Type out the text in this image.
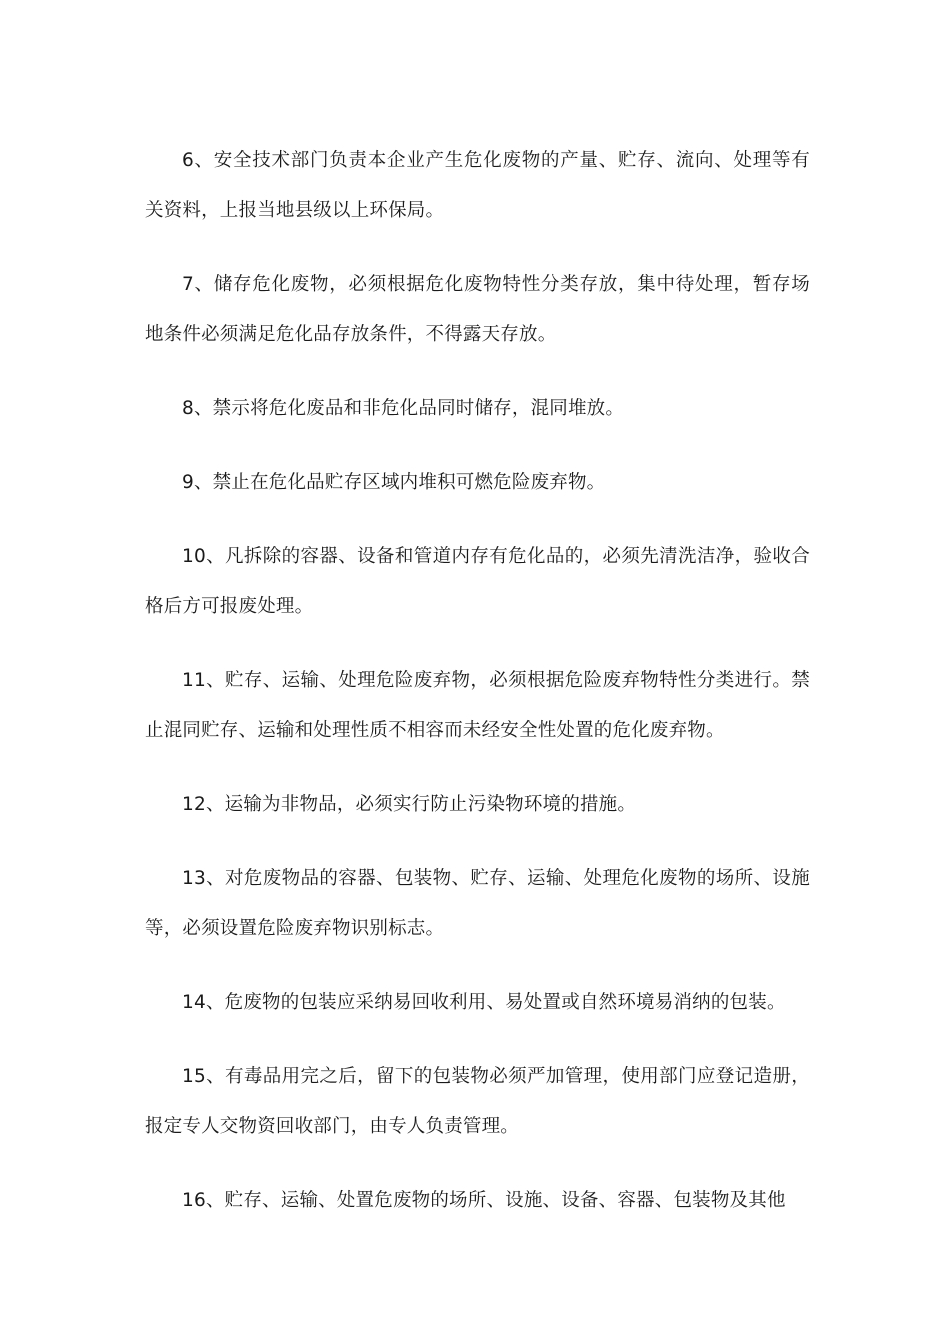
6、安全技术部门负责本企业产生危化废物的产量、贮存、流向、处理等有关资料，上报当地县级以上环保局。

7、储存危化废物，必须根据危化废物特性分类存放，集中待处理，暂存场地条件必须满足危化品存放条件，不得露天存放。

8、禁示将危化废品和非危化品同时储存，混同堆放。

9、禁止在危化品贮存区域内堆积可燃危险废弃物。

10、凡拆除的容器、设备和管道内存有危化品的，必须先清洗洁净，验收合格后方可报废处理。

11、贮存、运输、处理危险废弃物，必须根据危险废弃物特性分类进行。禁止混同贮存、运输和处理性质不相容而未经安全性处置的危化废弃物。

12、运输为非物品，必须实行防止污染物环境的措施。

13、对危废物品的容器、包装物、贮存、运输、处理危化废物的场所、设施等，必须设置危险废弃物识别标志。

14、危废物的包装应采纳易回收利用、易处置或自然环境易消纳的包装。

15、有毒品用完之后，留下的包装物必须严加管理，使用部门应登记造册，报定专人交物资回收部门，由专人负责管理。

16、贮存、运输、处置危废物的场所、设施、设备、容器、包装物及其他
